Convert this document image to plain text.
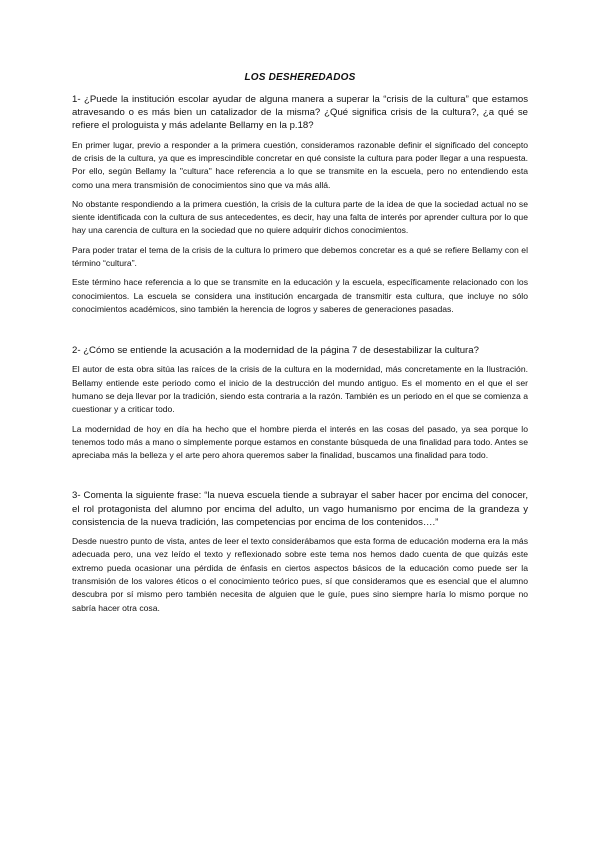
LOS DESHEREDADOS

1- ¿Puede la institución escolar ayudar de alguna manera a superar la “crisis de la cultura” que estamos atravesando o es más bien un catalizador de la misma? ¿Qué significa crisis de la cultura?, ¿a qué se refiere el prologuista y más adelante Bellamy en la p.18?

En primer lugar, previo a responder a la primera cuestión, consideramos razonable definir el significado del concepto de crisis de la cultura, ya que es imprescindible concretar en qué consiste la cultura para poder llegar a una respuesta. Por ello, según Bellamy la "cultura" hace referencia a lo que se transmite en la escuela, pero no entendiendo esta como una mera transmisión de conocimientos sino que va más allá.

No obstante respondiendo a la primera cuestión, la crisis de la cultura parte de la idea de que la sociedad actual no se siente identificada con la cultura de sus antecedentes, es decir, hay una falta de interés por aprender cultura por lo que hay una carencia de cultura en la sociedad que no quiere adquirir dichos conocimientos.

Para poder tratar el tema de la crisis de la cultura lo primero que debemos concretar es a qué se refiere Bellamy con el término “cultura”.

Este término hace referencia a lo que se transmite en la educación y la escuela, específicamente relacionado con los conocimientos. La escuela se considera una institución encargada de transmitir esta cultura, que incluye no sólo conocimientos académicos, sino también la herencia de logros y saberes de generaciones pasadas.

2- ¿Cómo se entiende la acusación a la modernidad de la página 7 de desestabilizar la cultura?

El autor de esta obra sitúa las raíces de la crisis de la cultura en la modernidad, más concretamente en la Ilustración. Bellamy entiende este periodo como el inicio de la destrucción del mundo antiguo. Es el momento en el que el ser humano se deja llevar por la tradición, siendo esta contraria a la razón. También es un periodo en el que se comienza a cuestionar y a criticar todo.

La modernidad de hoy en día ha hecho que el hombre pierda el interés en las cosas del pasado, ya sea porque lo tenemos todo más a mano o simplemente porque estamos en constante búsqueda de una finalidad para todo. Antes se apreciaba más la belleza y el arte pero ahora queremos saber la finalidad, buscamos una finalidad para todo.

3- Comenta la siguiente frase: “la nueva escuela tiende a subrayar el saber hacer por encima del conocer, el rol protagonista del alumno por encima del adulto, un vago humanismo por encima de la grandeza y consistencia de la nueva tradición, las competencias por encima de los contenidos….”

Desde nuestro punto de vista, antes de leer el texto considerábamos que esta forma de educación moderna era la más adecuada pero, una vez leído el texto y reflexionado sobre este tema nos hemos dado cuenta de que quizás este extremo pueda ocasionar una pérdida de énfasis en ciertos aspectos básicos de la educación como puede ser la transmisión de los valores éticos o el conocimiento teórico pues, sí que consideramos que es esencial que el alumno descubra por sí mismo pero también necesita de alguien que le guíe, pues sino siempre haría lo mismo porque no sabría hacer otra cosa.
